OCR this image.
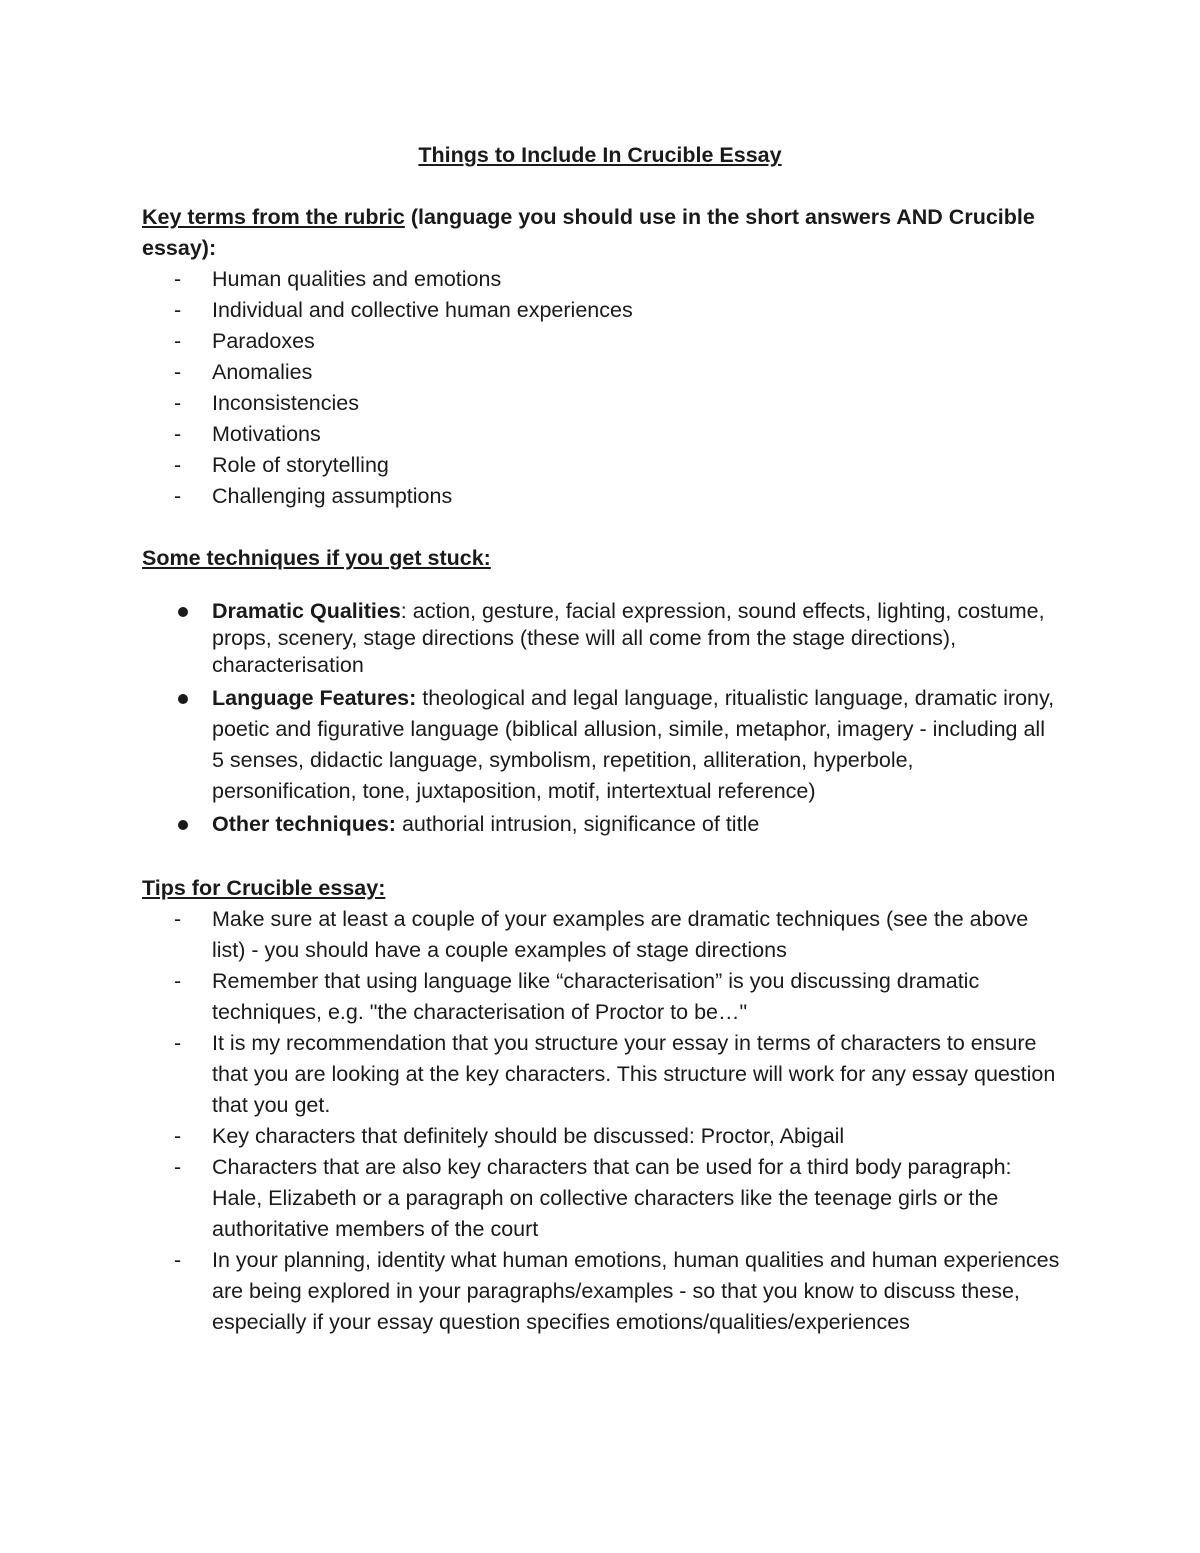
Things to Include In Crucible Essay

Key terms from the rubric (language you should use in the short answers AND Crucible essay):

- Human qualities and emotions
- Individual and collective human experiences
- Paradoxes
- Anomalies
- Inconsistencies
- Motivations
- Role of storytelling
- Challenging assumptions

Some techniques if you get stuck:

Dramatic Qualities: action, gesture, facial expression, sound effects, lighting, costume, props, scenery, stage directions (these will all come from the stage directions), characterisation
Language Features: theological and legal language, ritualistic language, dramatic irony, poetic and figurative language (biblical allusion, simile, metaphor, imagery - including all 5 senses, didactic language, symbolism, repetition, alliteration, hyperbole, personification, tone, juxtaposition, motif, intertextual reference)
Other techniques: authorial intrusion, significance of title

Tips for Crucible essay:

- Make sure at least a couple of your examples are dramatic techniques (see the above list) - you should have a couple examples of stage directions
- Remember that using language like “characterisation” is you discussing dramatic techniques, e.g. "the characterisation of Proctor to be…"
- It is my recommendation that you structure your essay in terms of characters to ensure that you are looking at the key characters. This structure will work for any essay question that you get.
- Key characters that definitely should be discussed: Proctor, Abigail
- Characters that are also key characters that can be used for a third body paragraph: Hale, Elizabeth or a paragraph on collective characters like the teenage girls or the authoritative members of the court
- In your planning, identity what human emotions, human qualities and human experiences are being explored in your paragraphs/examples - so that you know to discuss these, especially if your essay question specifies emotions/qualities/experiences
